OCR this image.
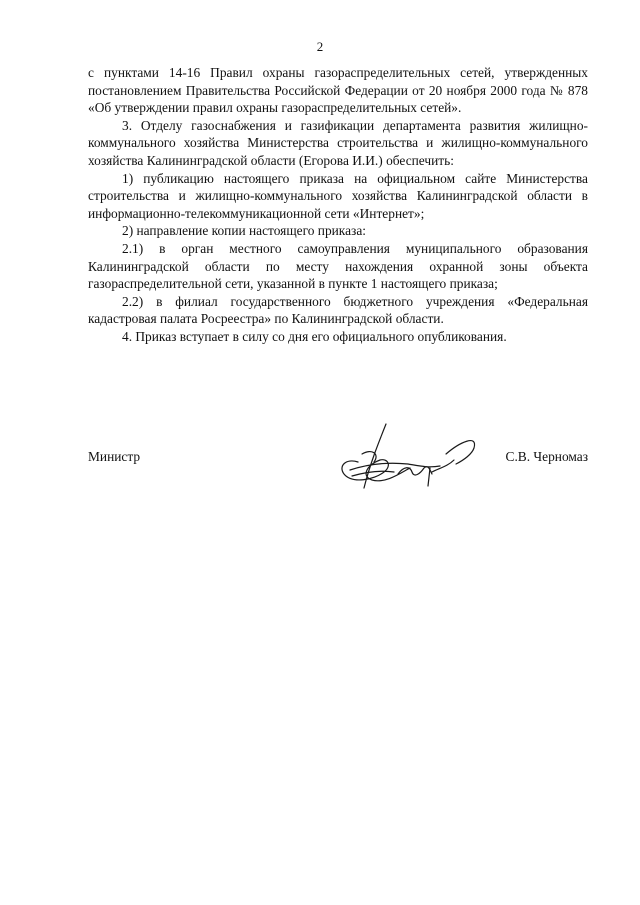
2

с пунктами 14-16 Правил охраны газораспределительных сетей, утвержденных постановлением Правительства Российской Федерации от 20 ноября 2000 года № 878 «Об утверждении правил охраны газораспределительных сетей».

3. Отделу газоснабжения и газификации департамента развития жилищно-коммунального хозяйства Министерства строительства и жилищно-коммунального хозяйства Калининградской области (Егорова И.И.) обеспечить:

1) публикацию настоящего приказа на официальном сайте Министерства строительства и жилищно-коммунального хозяйства Калининградской области в информационно-телекоммуникационной сети «Интернет»;

2) направление копии настоящего приказа:

2.1) в орган местного самоуправления муниципального образования Калининградской области по месту нахождения охранной зоны объекта газораспределительной сети, указанной в пункте 1 настоящего приказа;

2.2) в филиал государственного бюджетного учреждения «Федеральная кадастровая палата Росреестра» по Калининградской области.

4. Приказ вступает в силу со дня его официального опубликования.

Министр	С.В. Черномаз
